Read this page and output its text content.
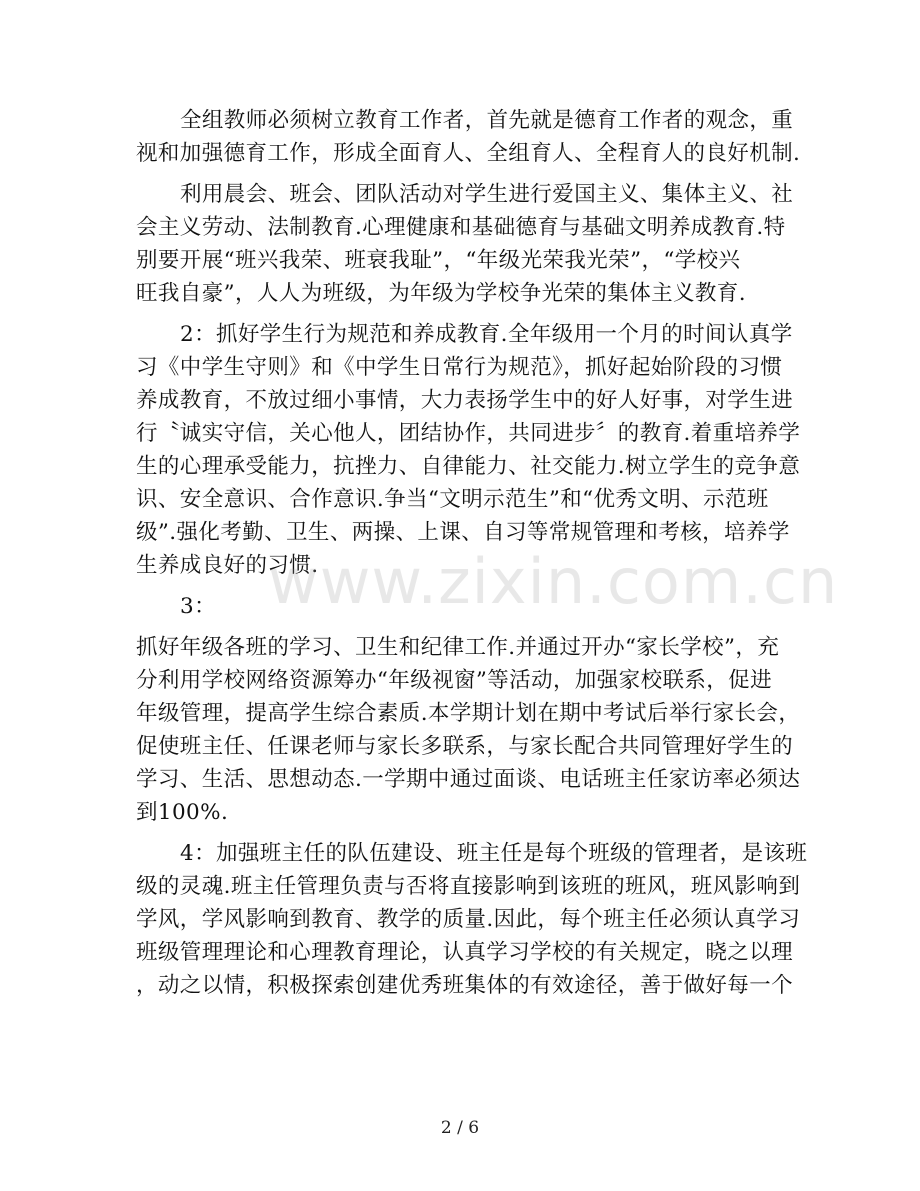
全组教师必须树立教育工作者，首先就是德育工作者的观念，重
视和加强德育工作，形成全面育人、全组育人、全程育人的良好机制.
利用晨会、班会、团队活动对学生进行爱国主义、集体主义、社
会主义劳动、法制教育.心理健康和基础德育与基础文明养成教育.特
别要开展“班兴我荣、班衰我耻”，“年级光荣我光荣”，“学校兴
旺我自豪”，人人为班级，为年级为学校争光荣的集体主义教育.
2：抓好学生行为规范和养成教育.全年级用一个月的时间认真学
习《中学生守则》和《中学生日常行为规范》，抓好起始阶段的习惯
养成教育，不放过细小事情，大力表扬学生中的好人好事，对学生进
行〝诚实守信，关心他人，团结协作，共同进步〞的教育.着重培养学
生的心理承受能力，抗挫力、自律能力、社交能力.树立学生的竞争意
识、安全意识、合作意识.争当“文明示范生”和“优秀文明、示范班
级”.强化考勤、卫生、两操、上课、自习等常规管理和考核，培养学
生养成良好的习惯.
3：
抓好年级各班的学习、卫生和纪律工作.并通过开办“家长学校”，充
分利用学校网络资源筹办“年级视窗”等活动，加强家校联系，促进
年级管理，提高学生综合素质.本学期计划在期中考试后举行家长会，
促使班主任、任课老师与家长多联系，与家长配合共同管理好学生的
学习、生活、思想动态.一学期中通过面谈、电话班主任家访率必须达
到100%.
4：加强班主任的队伍建设、班主任是每个班级的管理者，是该班
级的灵魂.班主任管理负责与否将直接影响到该班的班风，班风影响到
学风，学风影响到教育、教学的质量.因此，每个班主任必须认真学习
班级管理理论和心理教育理论，认真学习学校的有关规定，晓之以理
，动之以情，积极探索创建优秀班集体的有效途径，善于做好每一个
www.zixin.com.cn
2 / 6
